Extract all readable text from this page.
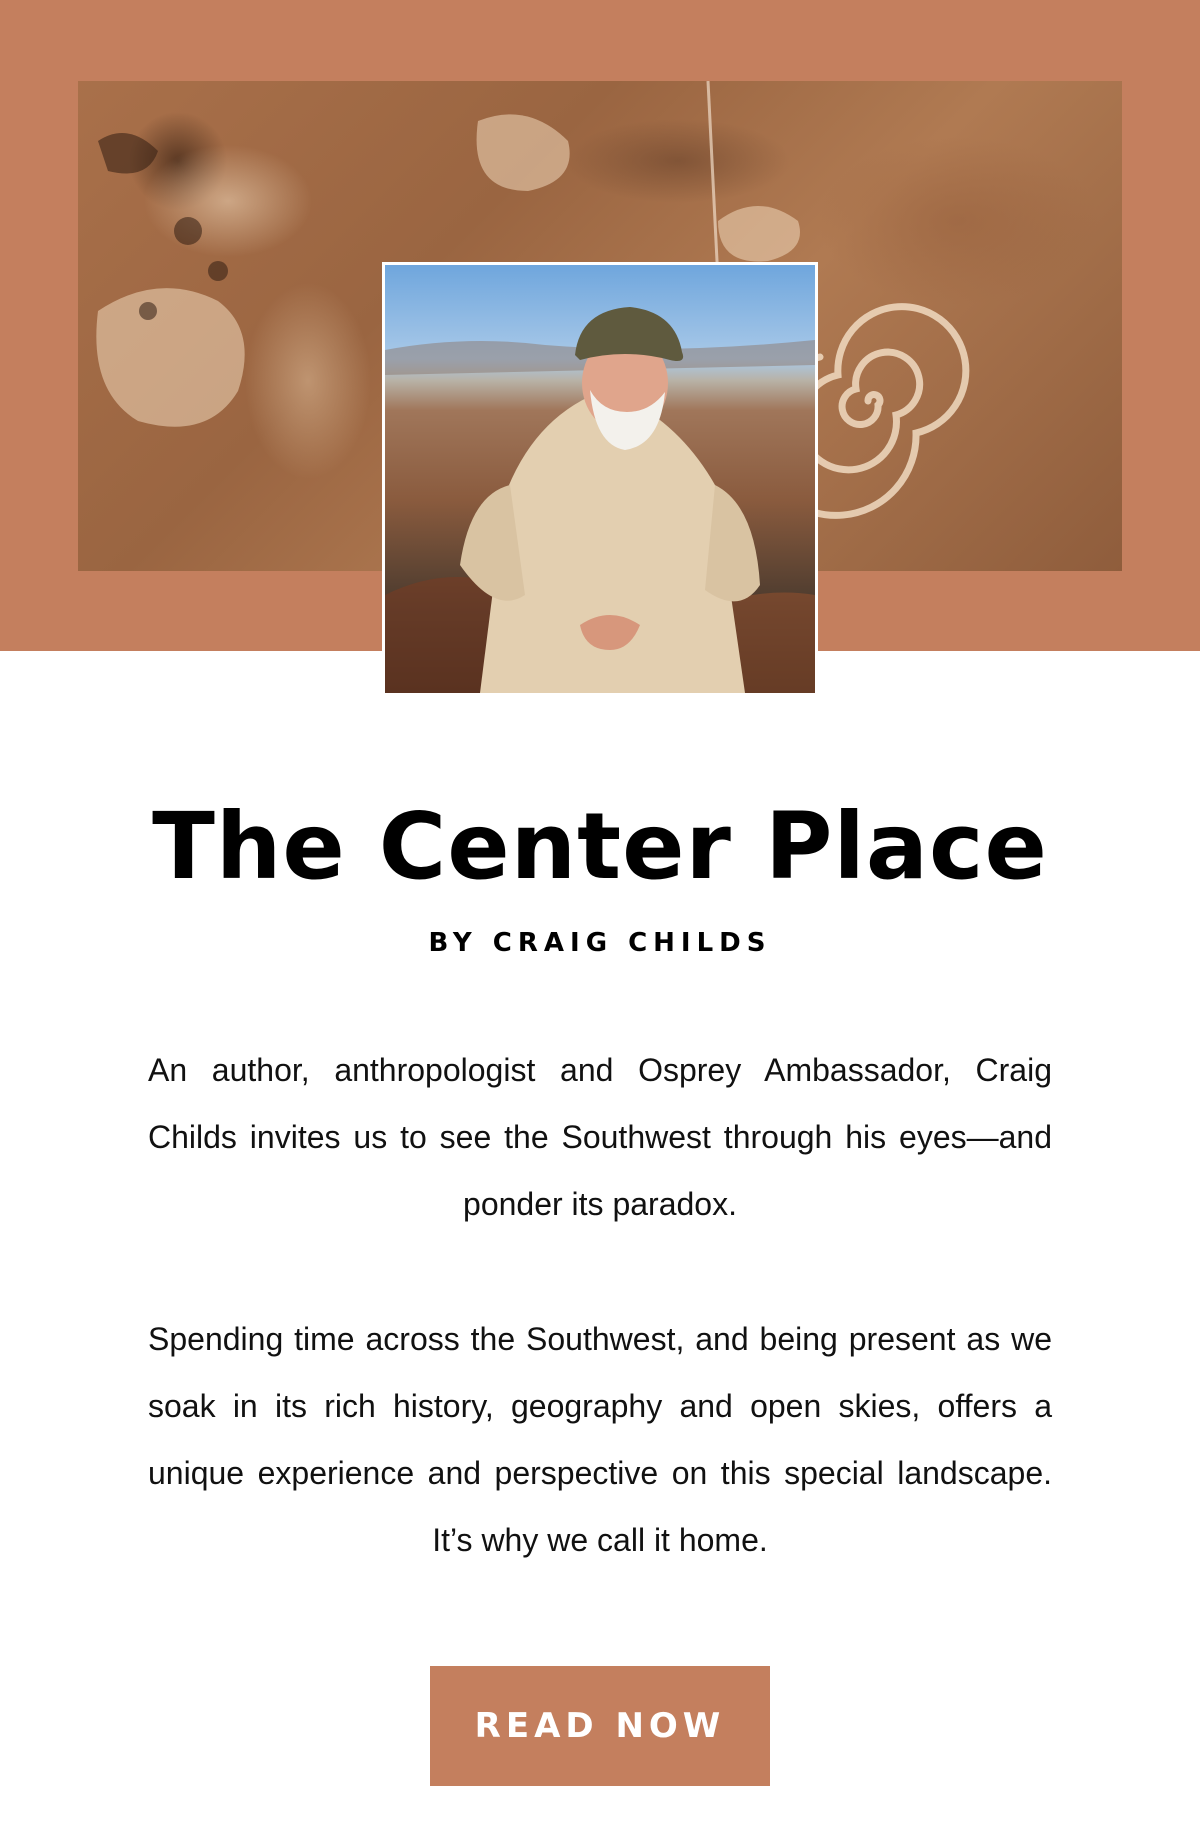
The Center Place
BY CRAIG CHILDS

An author, anthropologist and Osprey Ambassador, Craig Childs invites us to see the Southwest through his eyes—and ponder its paradox.

Spending time across the Southwest, and being present as we soak in its rich history, geography and open skies, offers a unique experience and perspective on this special landscape. It’s why we call it home.

READ NOW
